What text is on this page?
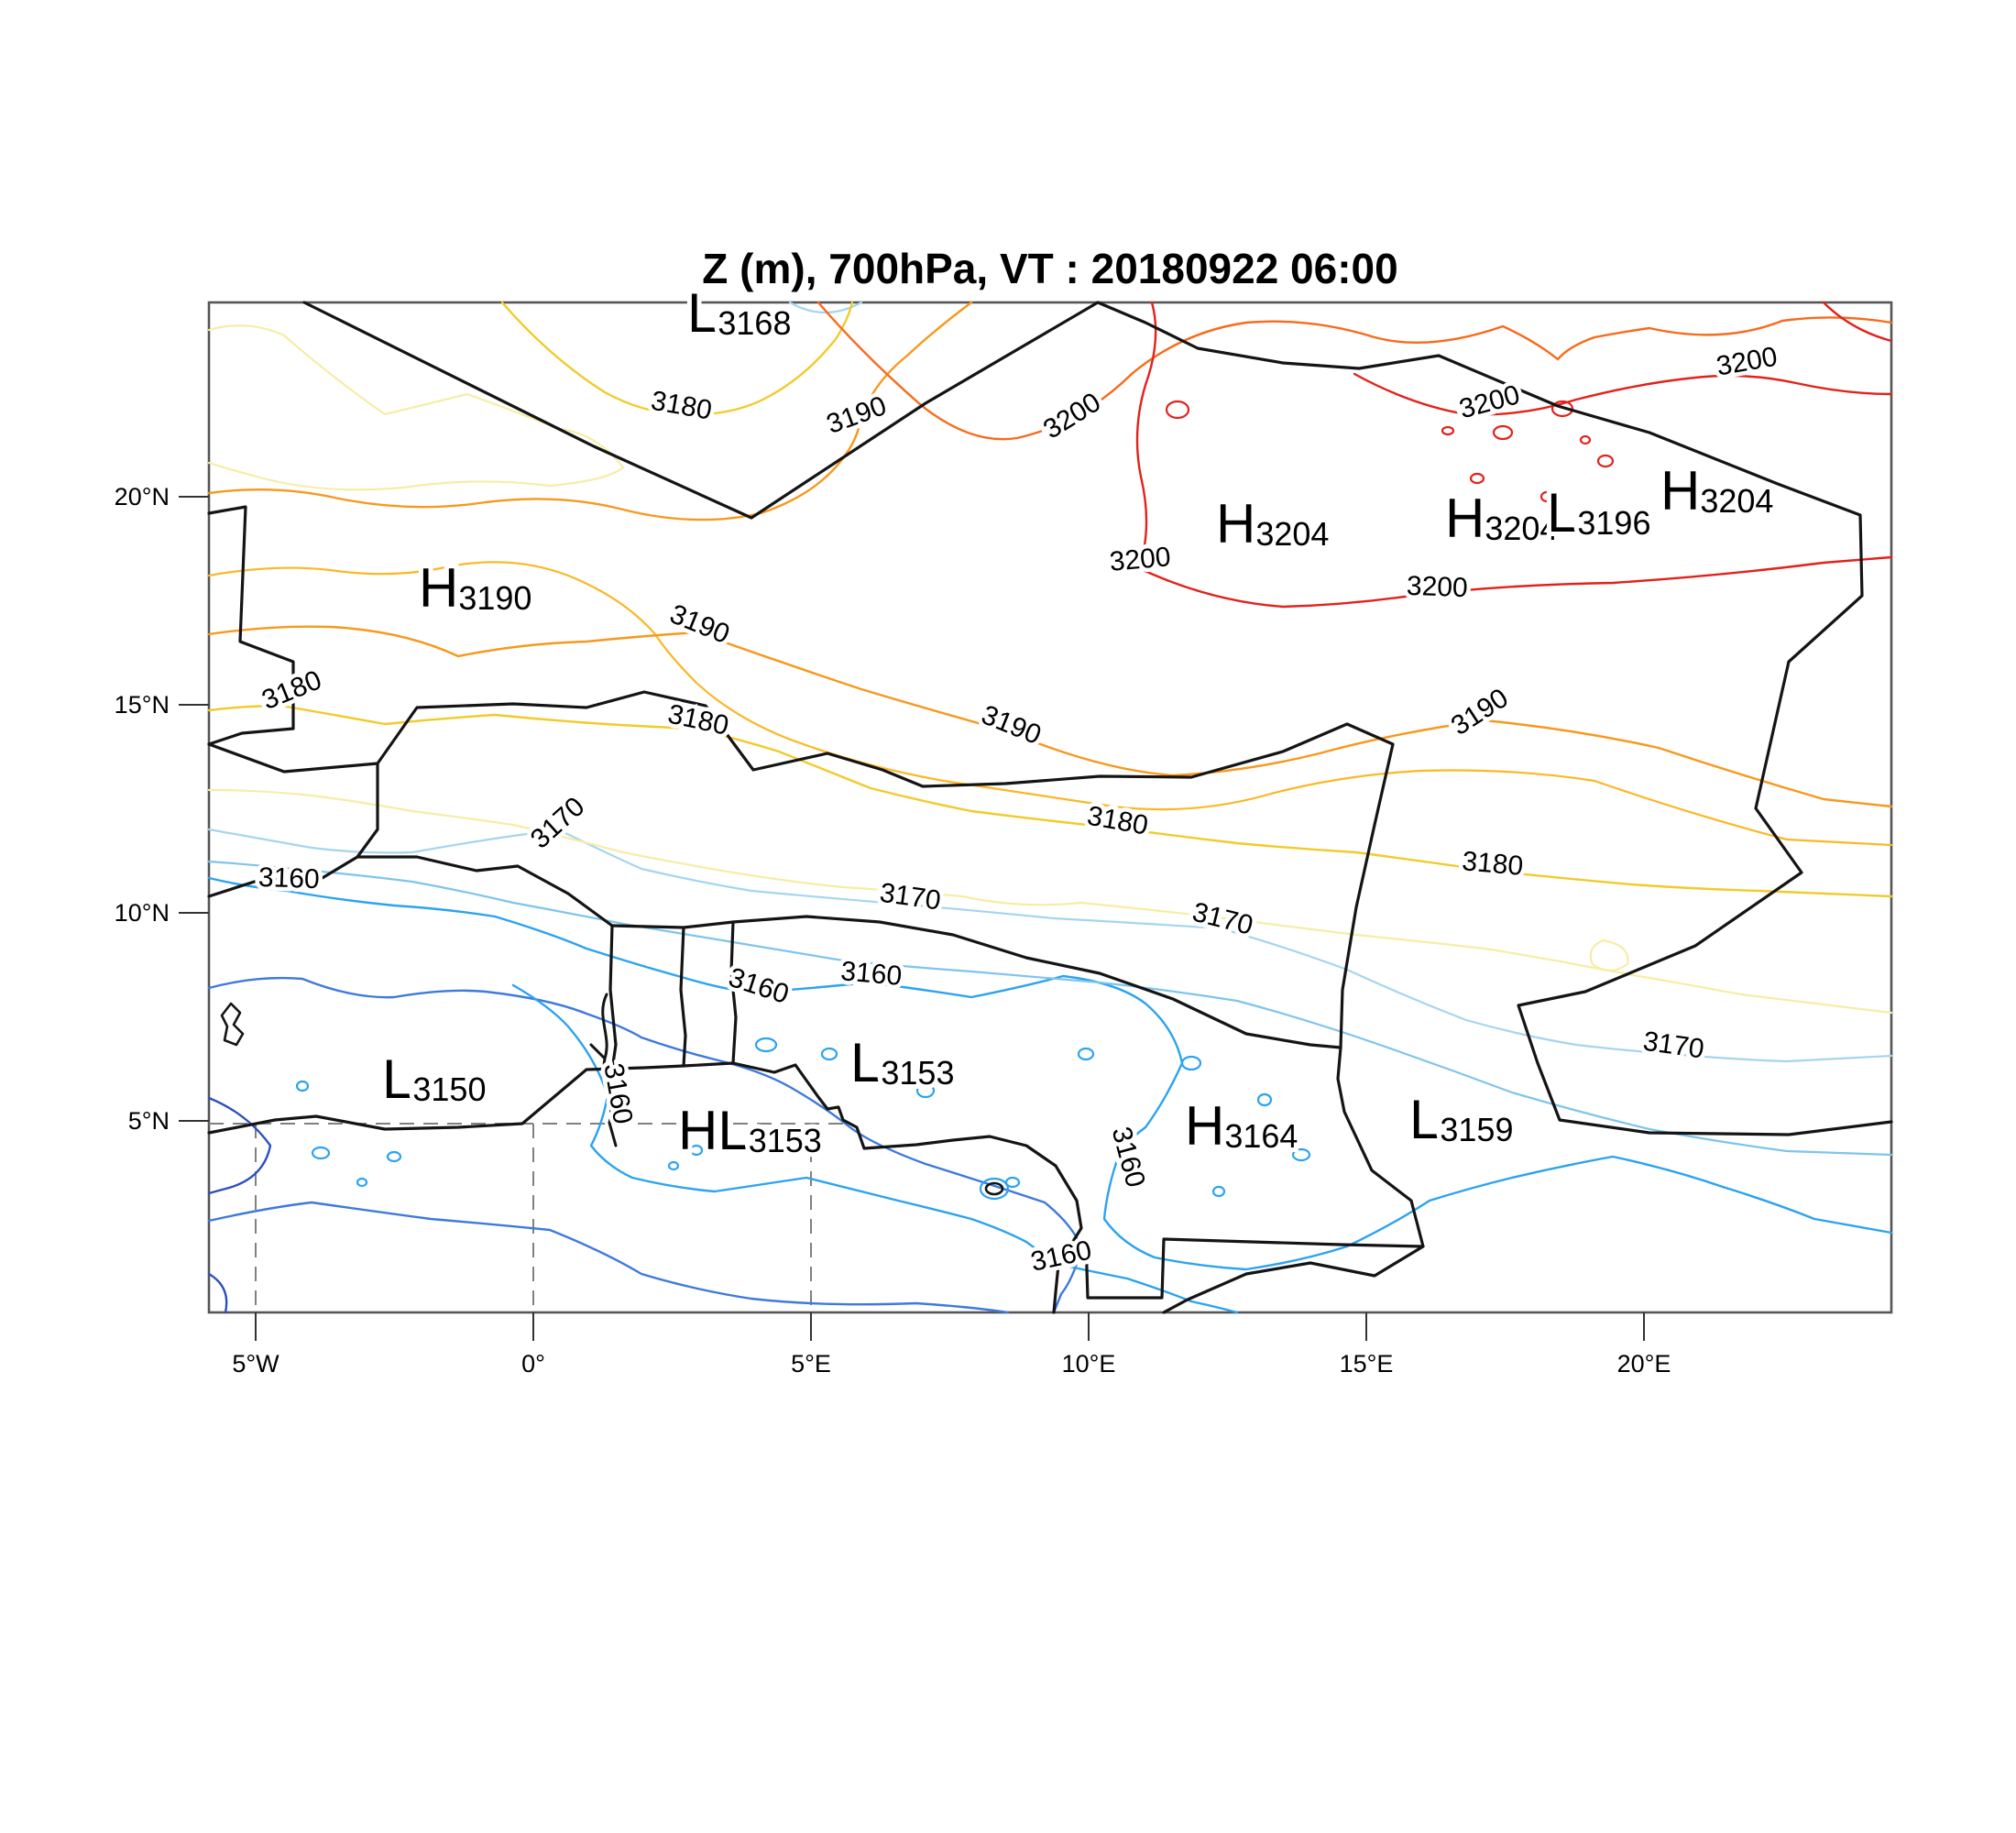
Z (m), 700hPa, VT : 20180922 06:00
20°N
15°N
10°N
5°N
5°W	0°	5°E	10°E	15°E	20°E
3180	3190	3200	3200
3200
3200
3200
3190
3190	3190
3180
3180
3180
3180
3170
3170
3170
3170
3160
3160 3160
3160
3160
3160
L3168
H3190
H3204 H3204
L3196
H3204
L3150	L3153
HL3153	H3164 L3159
